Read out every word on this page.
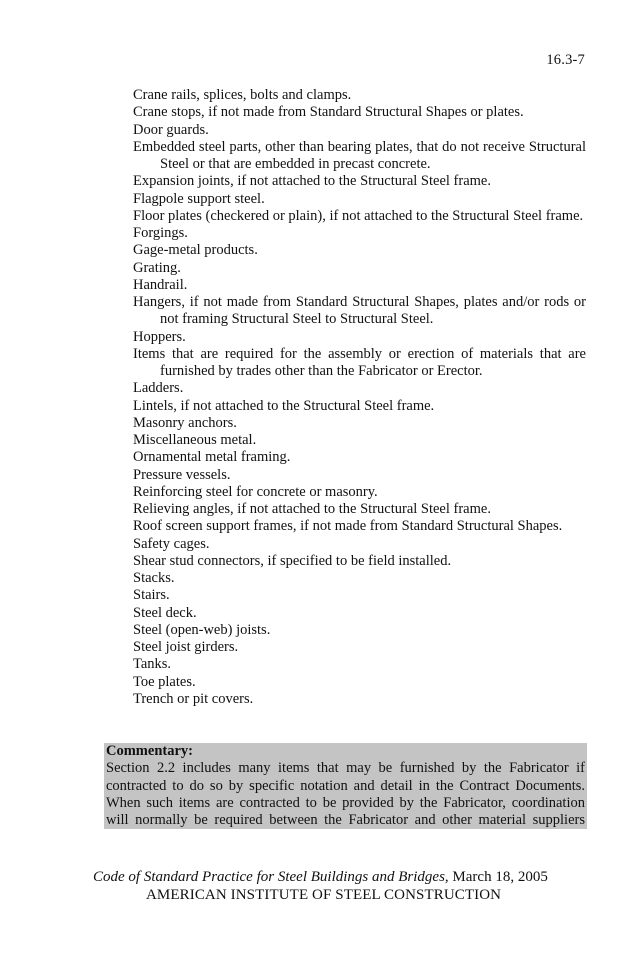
16.3-7
Crane rails, splices, bolts and clamps.
Crane stops, if not made from Standard Structural Shapes or plates.
Door guards.
Embedded steel parts, other than bearing plates, that do not receive Structural Steel or that are embedded in precast concrete.
Expansion joints, if not attached to the Structural Steel frame.
Flagpole support steel.
Floor plates (checkered or plain), if not attached to the Structural Steel frame.
Forgings.
Gage-metal products.
Grating.
Handrail.
Hangers, if not made from Standard Structural Shapes, plates and/or rods or not framing Structural Steel to Structural Steel.
Hoppers.
Items that are required for the assembly or erection of materials that are furnished by trades other than the Fabricator or Erector.
Ladders.
Lintels, if not attached to the Structural Steel frame.
Masonry anchors.
Miscellaneous metal.
Ornamental metal framing.
Pressure vessels.
Reinforcing steel for concrete or masonry.
Relieving angles, if not attached to the Structural Steel frame.
Roof screen support frames, if not made from Standard Structural Shapes.
Safety cages.
Shear stud connectors, if specified to be field installed.
Stacks.
Stairs.
Steel deck.
Steel (open-web) joists.
Steel joist girders.
Tanks.
Toe plates.
Trench or pit covers.

Commentary:

Section 2.2 includes many items that may be furnished by the Fabricator if

contracted to do so by specific notation and detail in the Contract Documents.

When such items are contracted to be provided by the Fabricator, coordination

will normally be required between the Fabricator and other material suppliers

Code of Standard Practice for Steel Buildings and Bridges, March 18, 2005
AMERICAN INSTITUTE OF STEEL CONSTRUCTION
